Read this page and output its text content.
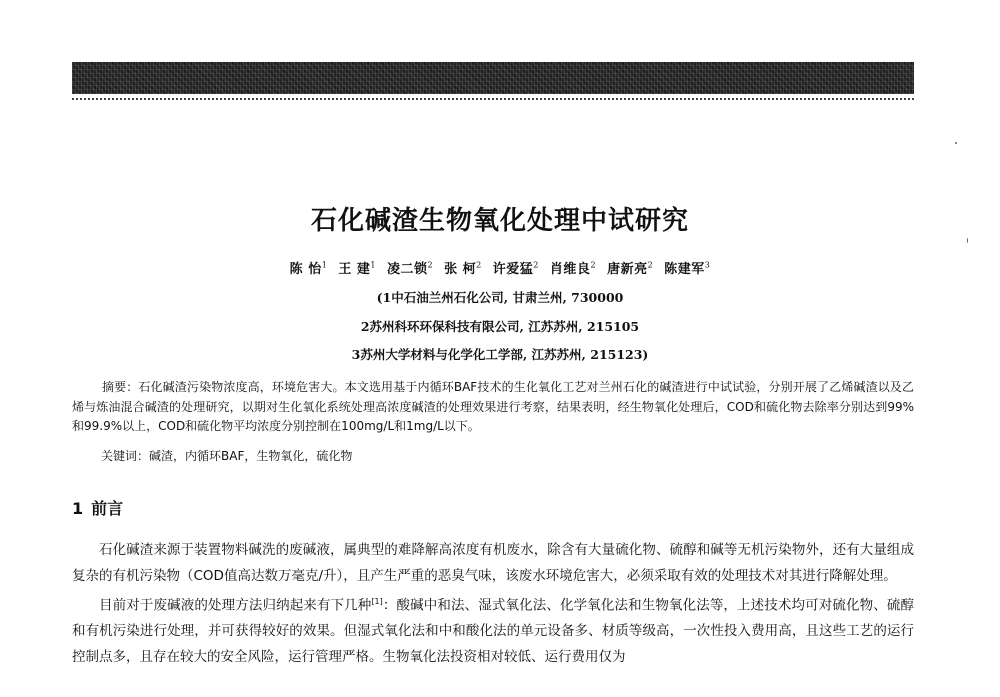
石化碱渣生物氧化处理中试研究
陈 怡$^1$ 王 建$^1$ 凌二锁$^2$ 张 柯$^2$ 许爱猛$^2$ 肖维良$^2$ 唐新亮$^2$ 陈建军$^3$
(1中石油兰州石化公司, 甘肃兰州, 730000
2苏州科环环保科技有限公司, 江苏苏州, 215105
3苏州大学材料与化学化工学部, 江苏苏州, 215123)

摘要：石化碱渣污染物浓度高，环境危害大。本文选用基于内循环BAF技术的生化氧化工艺对兰州石化的碱渣进行中试试验，分别开展了乙烯碱渣以及乙烯与炼油混合碱渣的处理研究，以期对生化氧化系统处理高浓度碱渣的处理效果进行考察，结果表明，经生物氧化处理后，COD和硫化物去除率分别达到99%和99.9%以上，COD和硫化物平均浓度分别控制在100mg/L和1mg/L以下。

关键词：碱渣，内循环BAF，生物氧化，硫化物
1 前言

石化碱渣来源于装置物料碱洗的废碱液，属典型的难降解高浓度有机废水，除含有大量硫化物、硫醇和碱等无机污染物外，还有大量组成复杂的有机污染物（COD值高达数万毫克/升），且产生严重的恶臭气味，该废水环境危害大，必须采取有效的处理技术对其进行降解处理。

目前对于废碱液的处理方法归纳起来有下几种[1]：酸碱中和法、湿式氧化法、化学氧化法和生物氧化法等，上述技术均可对硫化物、硫醇和有机污染进行处理，并可获得较好的效果。但湿式氧化法和中和酸化法的单元设备多、材质等级高，一次性投入费用高，且这些工艺的运行控制点多，且存在较大的安全风险，运行管理严格。生物氧化法投资相对较低、运行费用仅为
